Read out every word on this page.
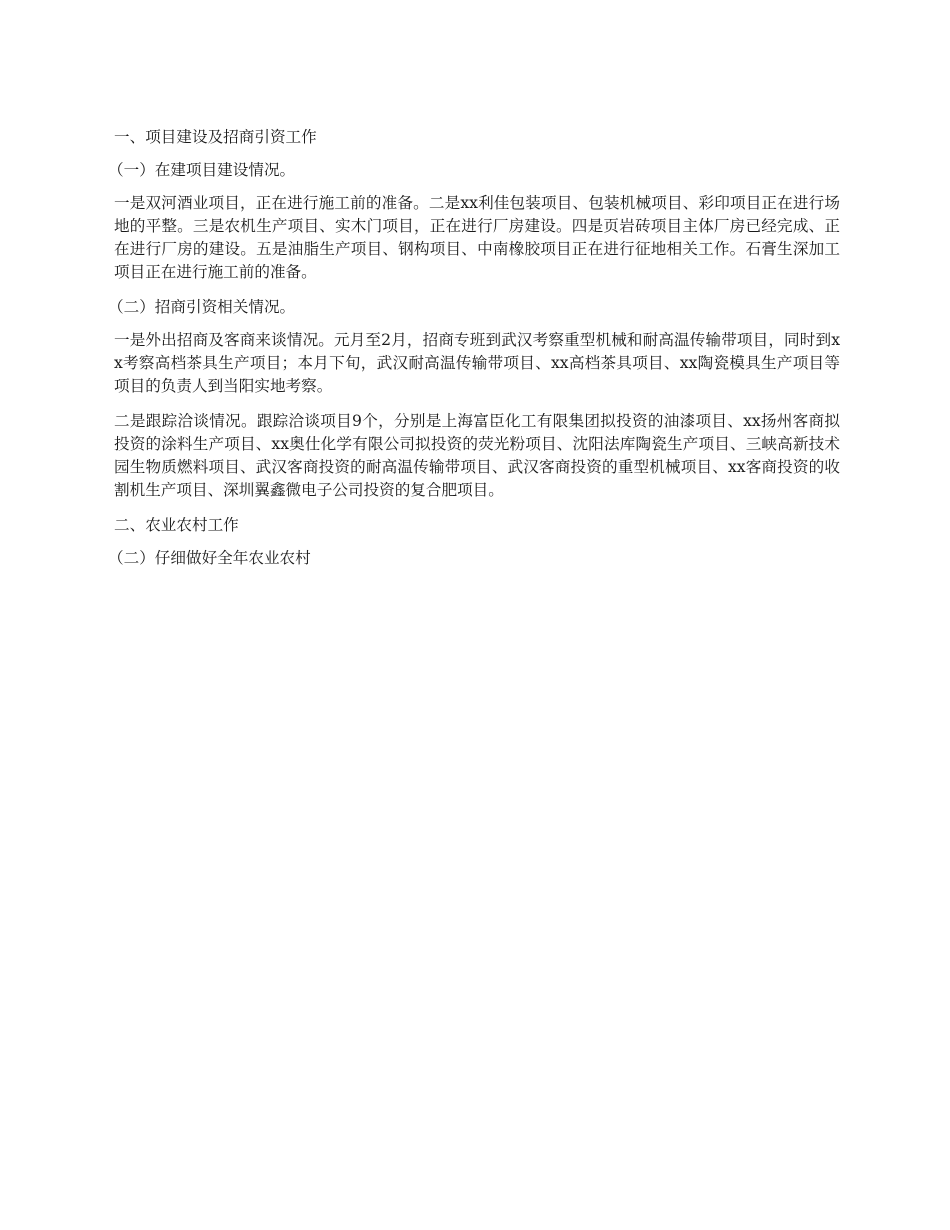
一、项目建设及招商引资工作

（一）在建项目建设情况。

一是双河酒业项目，正在进行施工前的准备。二是xx利佳包装项目、包装机械项目、彩印项目正在进行场地的平整。三是农机生产项目、实木门项目，正在进行厂房建设。四是页岩砖项目主体厂房已经完成、正在进行厂房的建设。五是油脂生产项目、钢构项目、中南橡胶项目正在进行征地相关工作。石膏生深加工项目正在进行施工前的准备。

（二）招商引资相关情况。

一是外出招商及客商来谈情况。元月至2月，招商专班到武汉考察重型机械和耐高温传输带项目，同时到xx考察高档茶具生产项目；本月下旬，武汉耐高温传输带项目、xx高档茶具项目、xx陶瓷模具生产项目等项目的负责人到当阳实地考察。

二是跟踪洽谈情况。跟踪洽谈项目9个，分别是上海富臣化工有限集团拟投资的油漆项目、xx扬州客商拟投资的涂料生产项目、xx奥仕化学有限公司拟投资的荧光粉项目、沈阳法库陶瓷生产项目、三峡高新技术园生物质燃料项目、武汉客商投资的耐高温传输带项目、武汉客商投资的重型机械项目、xx客商投资的收割机生产项目、深圳翼鑫微电子公司投资的复合肥项目。

二、农业农村工作

（二）仔细做好全年农业农村
